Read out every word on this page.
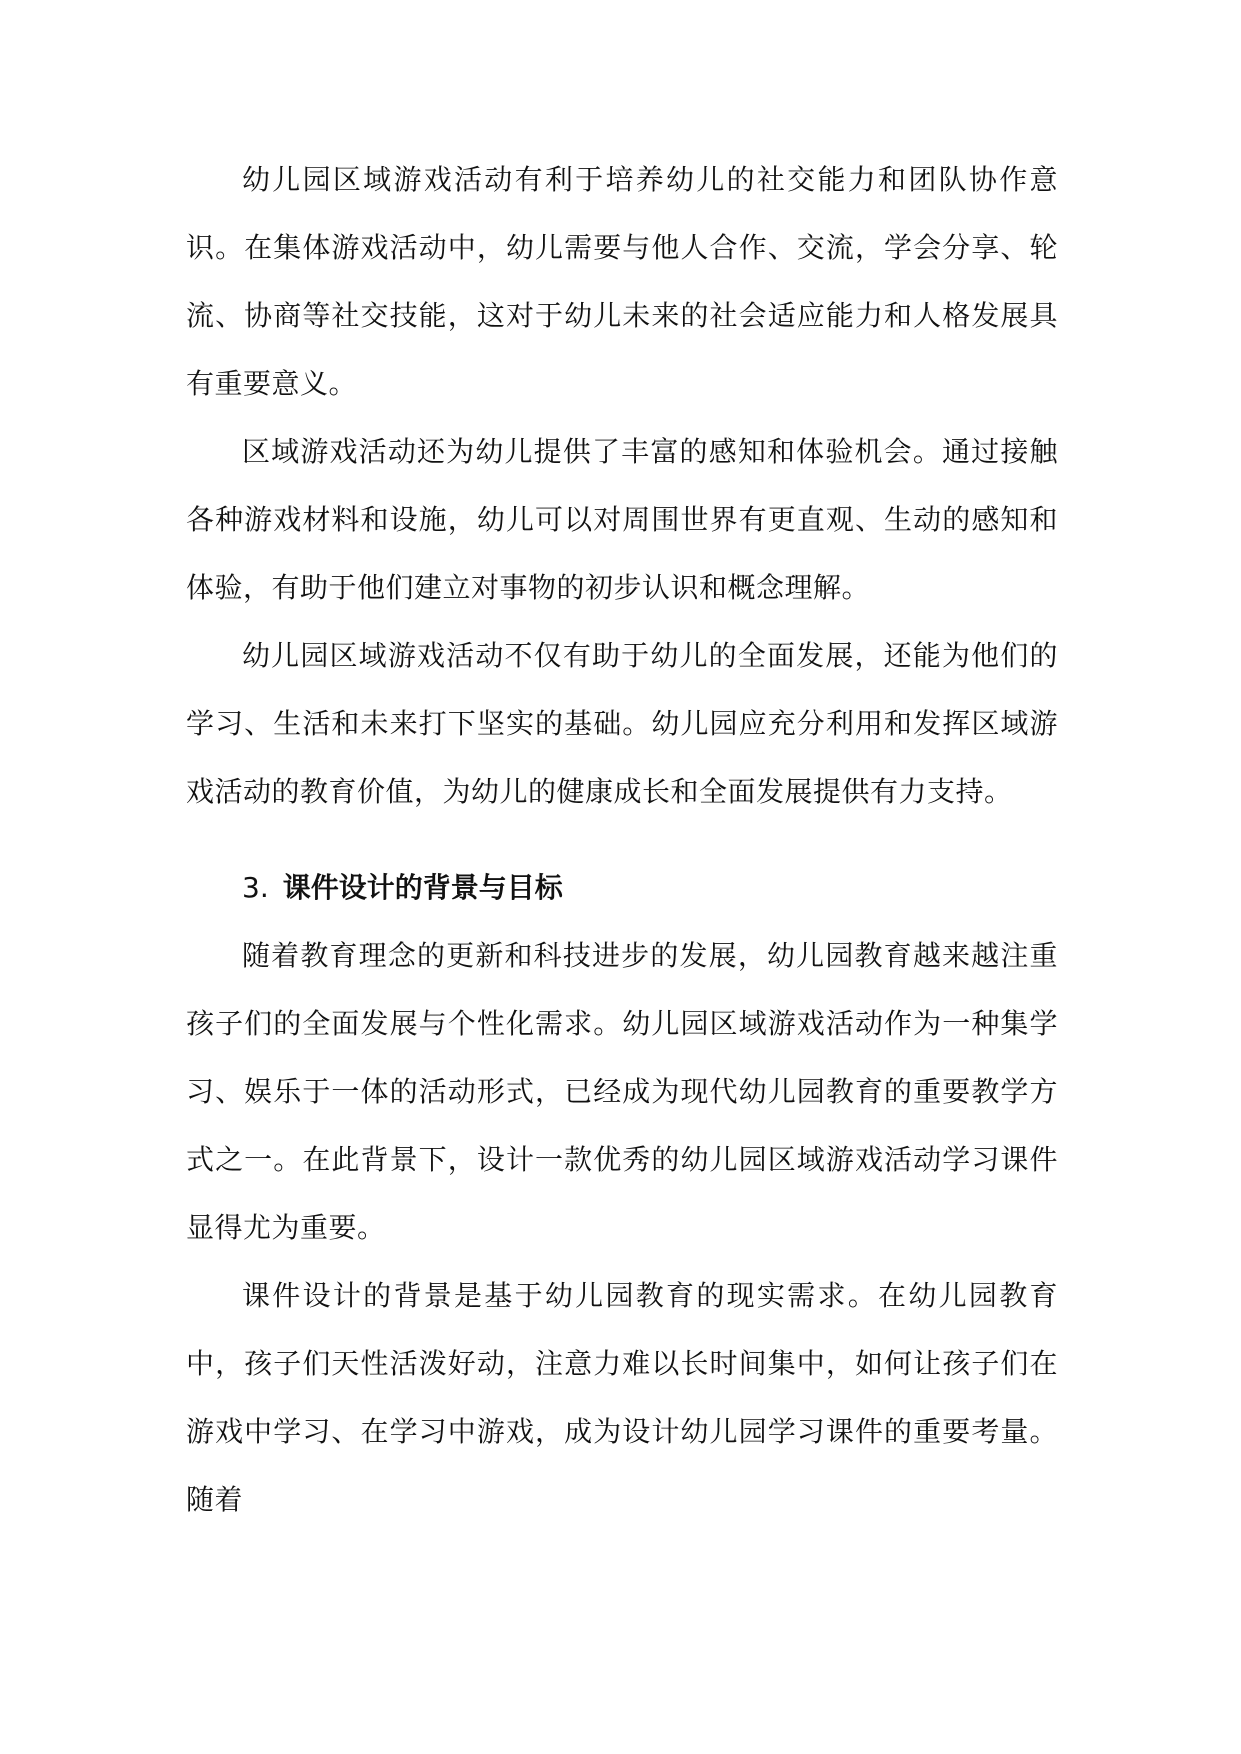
幼儿园区域游戏活动有利于培养幼儿的社交能力和团队协作意识。在集体游戏活动中，幼儿需要与他人合作、交流，学会分享、轮流、协商等社交技能，这对于幼儿未来的社会适应能力和人格发展具有重要意义。

区域游戏活动还为幼儿提供了丰富的感知和体验机会。通过接触各种游戏材料和设施，幼儿可以对周围世界有更直观、生动的感知和体验，有助于他们建立对事物的初步认识和概念理解。

幼儿园区域游戏活动不仅有助于幼儿的全面发展，还能为他们的学习、生活和未来打下坚实的基础。幼儿园应充分利用和发挥区域游戏活动的教育价值，为幼儿的健康成长和全面发展提供有力支持。

3. 课件设计的背景与目标

随着教育理念的更新和科技进步的发展，幼儿园教育越来越注重孩子们的全面发展与个性化需求。幼儿园区域游戏活动作为一种集学习、娱乐于一体的活动形式，已经成为现代幼儿园教育的重要教学方式之一。在此背景下，设计一款优秀的幼儿园区域游戏活动学习课件显得尤为重要。

课件设计的背景是基于幼儿园教育的现实需求。在幼儿园教育中，孩子们天性活泼好动，注意力难以长时间集中，如何让孩子们在游戏中学习、在学习中游戏，成为设计幼儿园学习课件的重要考量。随着
